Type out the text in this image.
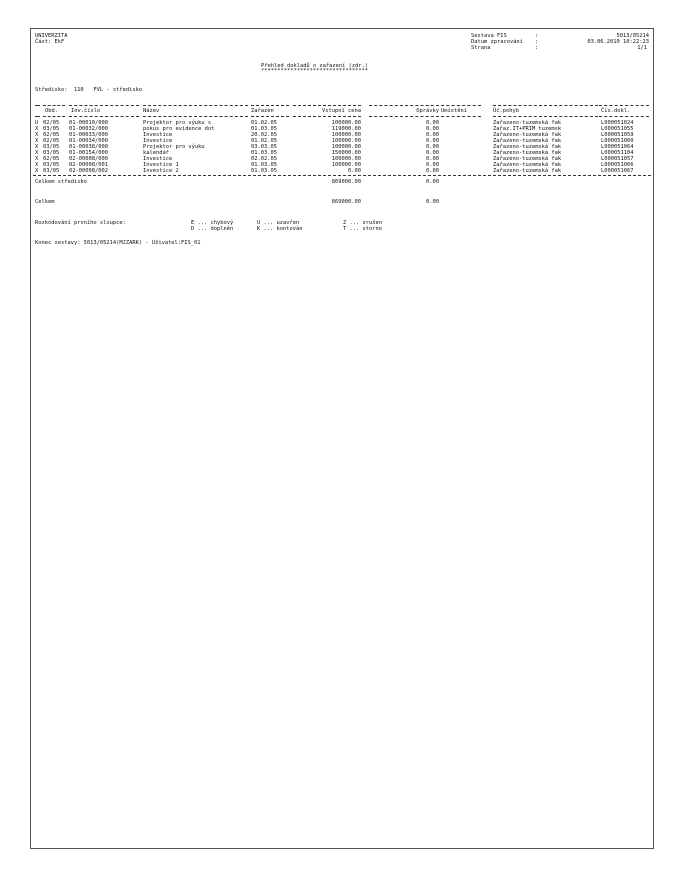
UNIVERZITA
Část: EkF
Sestava FIS	:	5013/05214
Datum zpracování :	03.06.2010 10:22:23
Strana	:	1/1
Přehled dokladů o zařazení (zdr.)
*********************************
Středisko:  110   FVL - středisko
Obd. Inv.číslo	Název	Zařazen	Vstupní cena	Oprávky Umístění	Úč.pohyb	Čís.dokl.
U 02/05 01-00010/000	Projektor pro výuku s	01.02.05	100000.00	0.00	Zařazeno-tuzemská fak	L000051024
X 03/05 01-00032/000	pokus pro evidence dot	01.03.05	119000.00	0.00	Zařaz.IT+PRIM tuzemsk	L000051055
X 02/05 01-00033/000	Investice	20.02.05	100000.00	0.00	Zařazeno-tuzemská fak	L000051059
X 02/05 01-00034/000	Investice	01.02.05	100000.00	0.00	Zařazeno-tuzemská fak	L000051060
X 03/05 01-00038/000	Projektor pro výuku	03.03.05	100000.00	0.00	Zařazeno-tuzemská fak	L000051064
X 03/05 01-00154/000	kalendář	01.03.05	150000.00	0.00	Zařazeno-tuzemská fak	L000051104
X 02/05 02-00008/000	Investice	02.02.05	100000.00	0.00	Zařazeno-tuzemská fak	L000051057
X 03/05 02-00008/001	Investice 1	01.03.05	100000.00	0.00	Zařazeno-tuzemská fak	L000051066
X 03/05 02-00008/002	Investice 2	01.03.05	0.00	0.00	Zařazeno-tuzemská fak	L000051067
Celkem středisko	869000.00	0.00
Celkem	869000.00	0.00
Rozkódování prvního sloupce:	E ... chybový	U ... uzavřen	Z ... zrušen
D ... doplněn	K ... kontován	T ... storno
Konec sestavy: 5013/05214(MJZARK) - Uživatel:FIS_01
